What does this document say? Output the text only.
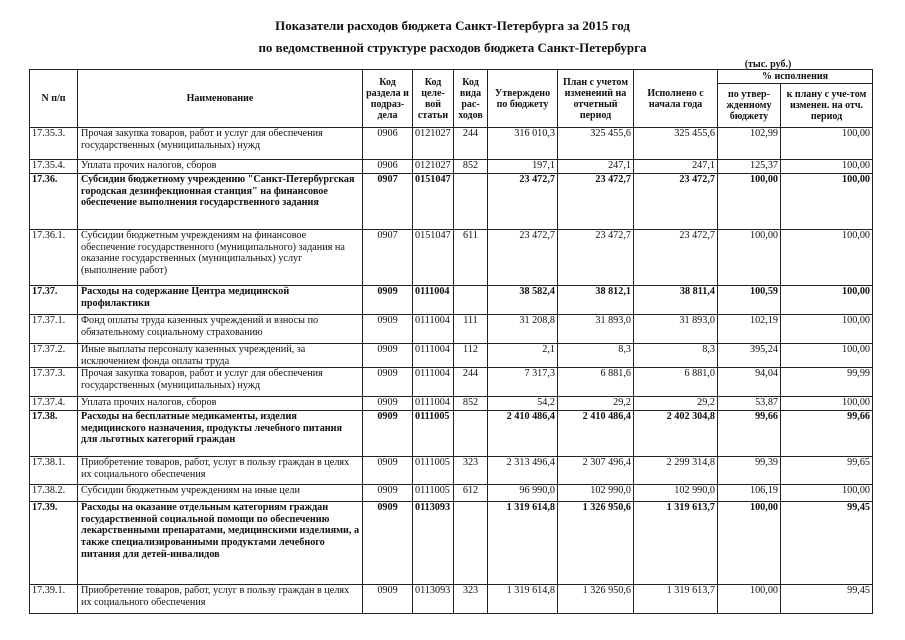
Показатели расходов бюджета Санкт-Петербурга за 2015 год
по ведомственной структуре расходов бюджета Санкт-Петербурга
(тыс. руб.)
N п/п	Наименование	Код раздела и подраз-дела	Код целе-вой статьи	Код вида рас-ходов	Утверждено по бюджету	План с учетом изменений на отчетный период	Исполнено с начала года	% исполнения	
								по утвер-жденному бюджету	к плану с уче-том изменен. на отч. период
17.35.3.	Прочая закупка товаров, работ и услуг для обеспечения государственных (муниципальных) нужд	0906	0121027	244	316 010,3	325 455,6	325 455,6	102,99	100,00
17.35.4.	Уплата прочих налогов, сборов	0906	0121027	852	197,1	247,1	247,1	125,37	100,00
17.36.	Субсидии бюджетному учреждению "Санкт-Петербургская городская дезинфекционная станция" на финансовое обеспечение выполнения государственного задания	0907	0151047		23 472,7	23 472,7	23 472,7	100,00	100,00
17.36.1.	Субсидии бюджетным учреждениям на финансовое обеспечение государственного (муниципального) задания на оказание государственных (муниципальных) услуг (выполнение работ)	0907	0151047	611	23 472,7	23 472,7	23 472,7	100,00	100,00
17.37.	Расходы на содержание Центра медицинской профилактики	0909	0111004		38 582,4	38 812,1	38 811,4	100,59	100,00
17.37.1.	Фонд оплаты труда казенных учреждений и взносы по обязательному социальному страхованию	0909	0111004	111	31 208,8	31 893,0	31 893,0	102,19	100,00
17.37.2.	Иные выплаты персоналу казенных учреждений, за исключением фонда оплаты труда	0909	0111004	112	2,1	8,3	8,3	395,24	100,00
17.37.3.	Прочая закупка товаров, работ и услуг для обеспечения государственных (муниципальных) нужд	0909	0111004	244	7 317,3	6 881,6	6 881,0	94,04	99,99
17.37.4.	Уплата прочих налогов, сборов	0909	0111004	852	54,2	29,2	29,2	53,87	100,00
17.38.	Расходы на бесплатные медикаменты, изделия медицинского назначения, продукты лечебного питания для льготных категорий граждан	0909	0111005		2 410 486,4	2 410 486,4	2 402 304,8	99,66	99,66
17.38.1.	Приобретение товаров, работ, услуг в пользу граждан в целях их социального обеспечения	0909	0111005	323	2 313 496,4	2 307 496,4	2 299 314,8	99,39	99,65
17.38.2.	Субсидии бюджетным учреждениям на иные цели	0909	0111005	612	96 990,0	102 990,0	102 990,0	106,19	100,00
17.39.	Расходы на оказание отдельным категориям граждан государственной социальной помощи по обеспечению лекарственными препаратами, медицинскими изделиями, а также специализированными продуктами лечебного питания для детей-инвалидов	0909	0113093		1 319 614,8	1 326 950,6	1 319 613,7	100,00	99,45
17.39.1.	Приобретение товаров, работ, услуг в пользу граждан в целях их социального обеспечения	0909	0113093	323	1 319 614,8	1 326 950,6	1 319 613,7	100,00	99,45
